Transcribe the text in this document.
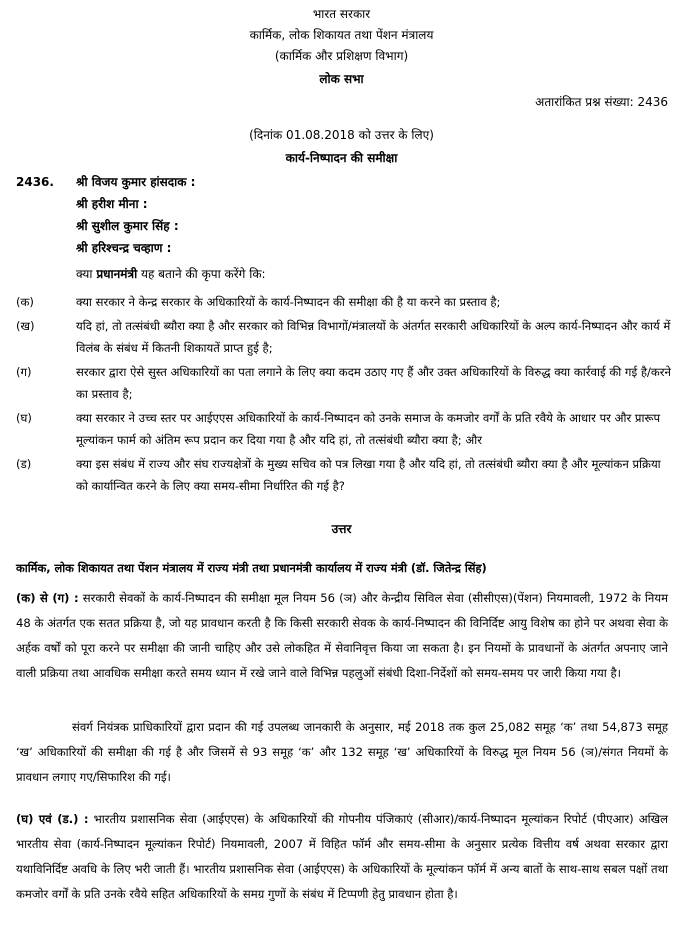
भारत सरकार
कार्मिक, लोक शिकायत तथा पेंशन मंत्रालय
(कार्मिक और प्रशिक्षण विभाग)
लोक सभा
अतारांकित प्रश्न संख्या: 2436
(दिनांक 01.08.2018 को उत्तर के लिए)
कार्य-निष्पादन की समीक्षा
2436. श्री विजय कुमार हांसदाक :
श्री हरीश मीना :
श्री सुशील कुमार सिंह :
श्री हरिश्चन्द्र चव्हाण :
क्या प्रधानमंत्री यह बताने की कृपा करेंगे कि:
(क)	क्या सरकार ने केन्द्र सरकार के अधिकारियों के कार्य-निष्पादन की समीक्षा की है या करने का प्रस्ताव है;
(ख)	यदि हां, तो तत्संबंधी ब्यौरा क्या है और सरकार को विभिन्न विभागों/मंत्रालयों के अंतर्गत सरकारी अधिकारियों के अल्प कार्य-निष्पादन और कार्य में विलंब के संबंध में कितनी शिकायतें प्राप्त हुई है;
(ग)	सरकार द्वारा ऐसे सुस्त अधिकारियों का पता लगाने के लिए क्या कदम उठाए गए हैं और उक्त अधिकारियों के विरुद्ध क्या कार्रवाई की गई है/करने का प्रस्ताव है;
(घ)	क्या सरकार ने उच्च स्तर पर आईएएस अधिकारियों के कार्य-निष्पादन को उनके समाज के कमजोर वर्गों के प्रति रवैये के आधार पर और प्रारूप मूल्यांकन फार्म को अंतिम रूप प्रदान कर दिया गया है और यदि हां, तो तत्संबंधी ब्यौरा क्या है; और
(ड)	क्या इस संबंध में राज्य और संघ राज्यक्षेत्रों के मुख्य सचिव को पत्र लिखा गया है और यदि हां, तो तत्संबंधी ब्यौरा क्या है और मूल्यांकन प्रक्रिया को कार्यान्वित करने के लिए क्या समय-सीमा निर्धारित की गई है?
उत्तर
कार्मिक, लोक शिकायत तथा पेंशन मंत्रालय में राज्य मंत्री तथा प्रधानमंत्री कार्यालय में राज्य मंत्री (डॉ. जितेन्द्र सिंह)
(क) से (ग) : सरकारी सेवकों के कार्य-निष्पादन की समीक्षा मूल नियम 56 (ञ) और केन्द्रीय सिविल सेवा (सीसीएस)(पेंशन) नियमावली, 1972 के नियम 48 के अंतर्गत एक सतत प्रक्रिया है, जो यह प्रावधान करती है कि किसी सरकारी सेवक के कार्य-निष्पादन की विनिर्दिष्ट आयु विशेष का होने पर अथवा सेवा के अर्हक वर्षों को पूरा करने पर समीक्षा की जानी चाहिए और उसे लोकहित में सेवानिवृत्त किया जा सकता है। इन नियमों के प्रावधानों के अंतर्गत अपनाए जाने वाली प्रक्रिया तथा आवधिक समीक्षा करते समय ध्यान में रखे जाने वाले विभिन्न पहलुओं संबंधी दिशा-निर्देशों को समय-समय पर जारी किया गया है।
संवर्ग नियंत्रक प्राधिकारियों द्वारा प्रदान की गई उपलब्ध जानकारी के अनुसार, मई 2018 तक कुल 25,082 समूह ‘क’ तथा 54,873 समूह ‘ख’ अधिकारियों की समीक्षा की गई है और जिसमें से 93 समूह ‘क’ और 132 समूह ‘ख’ अधिकारियों के विरुद्ध मूल नियम 56 (ञ)/संगत नियमों के प्रावधान लगाए गए/सिफारिश की गई।
(घ) एवं (ड.) : भारतीय प्रशासनिक सेवा (आईएएस) के अधिकारियों की गोपनीय पंजिकाएं (सीआर)/कार्य-निष्पादन मूल्यांकन रिपोर्ट (पीएआर) अखिल भारतीय सेवा (कार्य-निष्पादन मूल्यांकन रिपोर्ट) नियमावली, 2007 में विहित फॉर्म और समय-सीमा के अनुसार प्रत्येक वित्तीय वर्ष अथवा सरकार द्वारा यथाविनिर्दिष्ट अवधि के लिए भरी जाती हैं। भारतीय प्रशासनिक सेवा (आईएएस) के अधिकारियों के मूल्यांकन फॉर्म में अन्य बातों के साथ-साथ सबल पक्षों तथा कमजोर वर्गों के प्रति उनके रवैये सहित अधिकारियों के समग्र गुणों के संबंध में टिप्पणी हेतु प्रावधान होता है।
